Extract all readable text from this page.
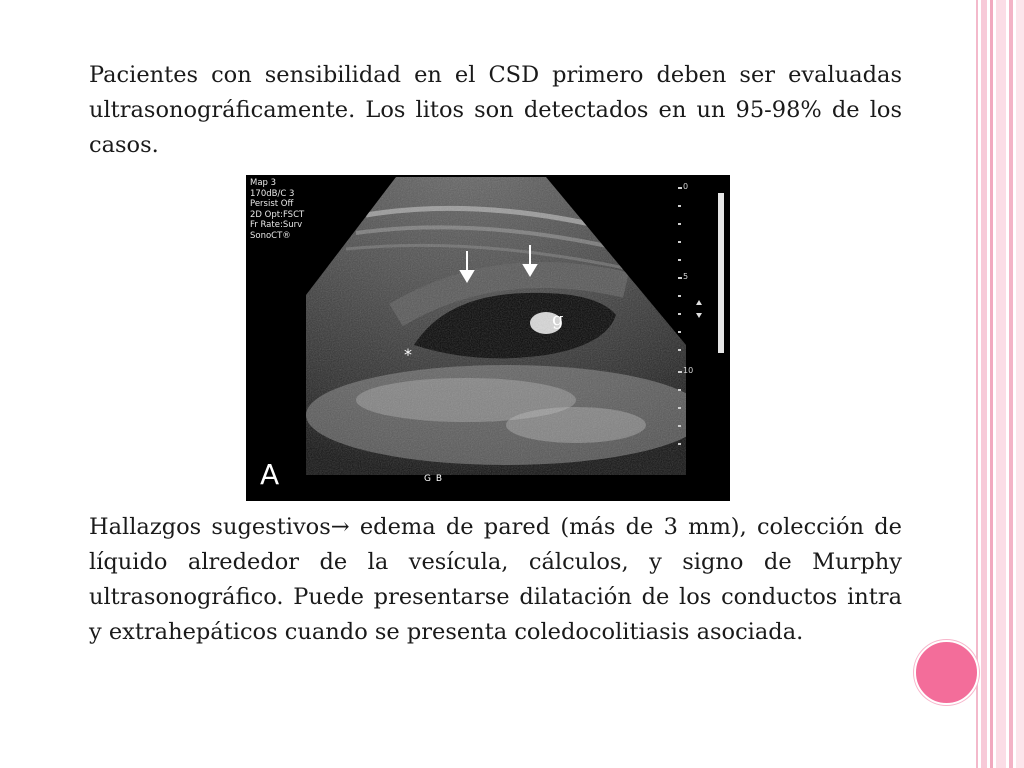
Pacientes con sensibilidad en el CSD primero deben ser evaluadas ultrasonográficamente. Los litos son detectados en un 95-98% de los casos.

Map 3
170dB/C 3
Persist Off
2D Opt:FSCT
Fr Rate:Surv
SonoCT®
0
5
10
g
*
A	G B

Hallazgos sugestivos→ edema de pared (más de 3 mm), colección de líquido alrededor de la vesícula, cálculos, y signo de Murphy ultrasonográfico. Puede presentarse dilatación de los conductos intra y extrahepáticos cuando se presenta coledocolitiasis asociada.
